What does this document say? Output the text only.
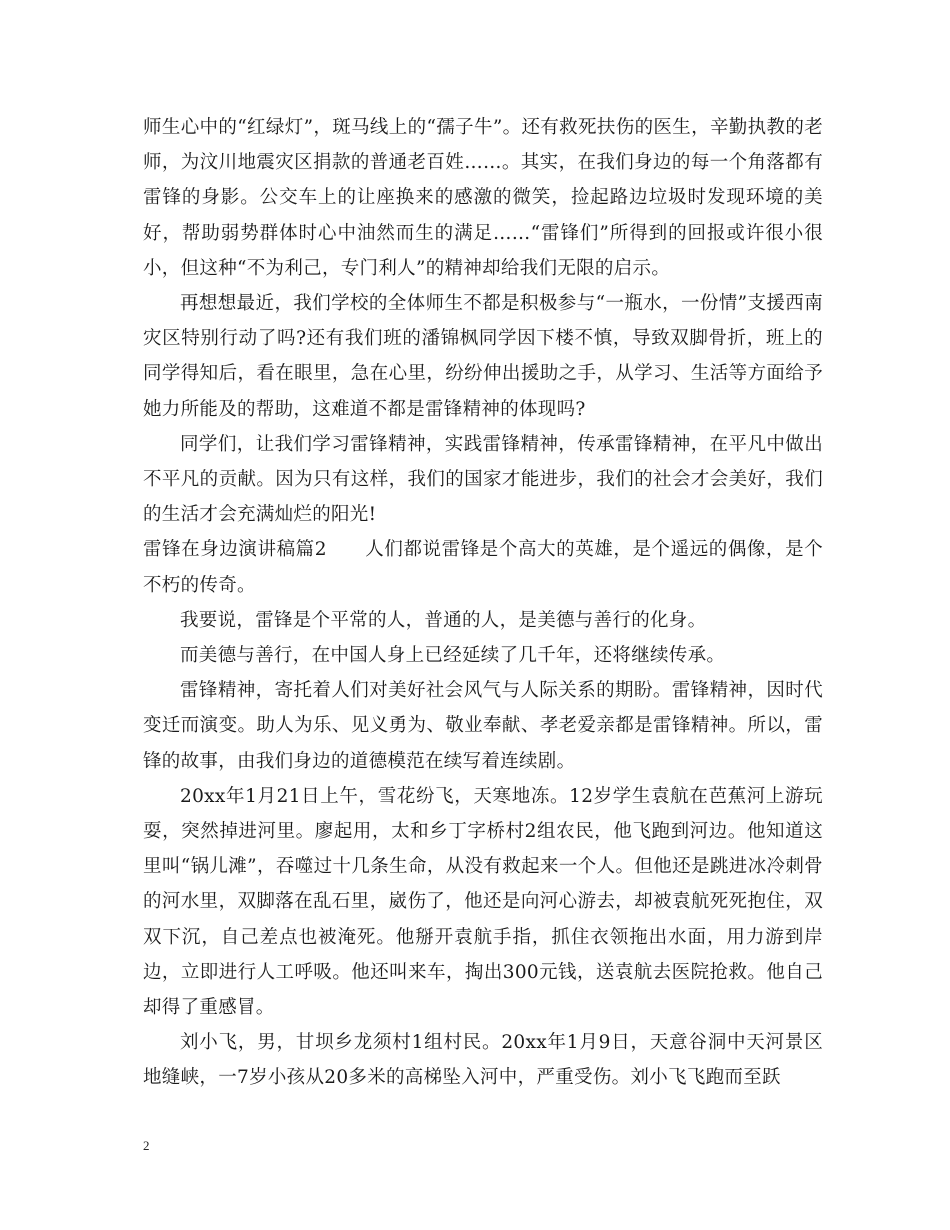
师生心中的“红绿灯”，斑马线上的“孺子牛”。还有救死扶伤的医生，辛勤执教的老师，为汶川地震灾区捐款的普通老百姓……。其实，在我们身边的每一个角落都有雷锋的身影。公交车上的让座换来的感激的微笑，捡起路边垃圾时发现环境的美好，帮助弱势群体时心中油然而生的满足……“雷锋们”所得到的回报或许很小很小，但这种“不为利己，专门利人”的精神却给我们无限的启示。

再想想最近，我们学校的全体师生不都是积极参与“一瓶水，一份情”支援西南灾区特别行动了吗?还有我们班的潘锦枫同学因下楼不慎，导致双脚骨折，班上的同学得知后，看在眼里，急在心里，纷纷伸出援助之手，从学习、生活等方面给予她力所能及的帮助，这难道不都是雷锋精神的体现吗?

同学们，让我们学习雷锋精神，实践雷锋精神，传承雷锋精神，在平凡中做出不平凡的贡献。因为只有这样，我们的国家才能进步，我们的社会才会美好，我们的生活才会充满灿烂的阳光!

雷锋在身边演讲稿篇2　　人们都说雷锋是个高大的英雄，是个遥远的偶像，是个不朽的传奇。

我要说，雷锋是个平常的人，普通的人，是美德与善行的化身。

而美德与善行，在中国人身上已经延续了几千年，还将继续传承。

雷锋精神，寄托着人们对美好社会风气与人际关系的期盼。雷锋精神，因时代变迁而演变。助人为乐、见义勇为、敬业奉献、孝老爱亲都是雷锋精神。所以，雷锋的故事，由我们身边的道德模范在续写着连续剧。

20xx年1月21日上午，雪花纷飞，天寒地冻。12岁学生袁航在芭蕉河上游玩耍，突然掉进河里。廖起用，太和乡丁字桥村2组农民，他飞跑到河边。他知道这里叫“锅儿滩”，吞噬过十几条生命，从没有救起来一个人。但他还是跳进冰冷刺骨的河水里，双脚落在乱石里，崴伤了，他还是向河心游去，却被袁航死死抱住，双双下沉，自己差点也被淹死。他掰开袁航手指，抓住衣领拖出水面，用力游到岸边，立即进行人工呼吸。他还叫来车，掏出300元钱，送袁航去医院抢救。他自己却得了重感冒。

刘小飞，男，甘坝乡龙须村1组村民。20xx年1月9日，天意谷洞中天河景区地缝峡，一7岁小孩从20多米的高梯坠入河中，严重受伤。刘小飞飞跑而至跃

2
